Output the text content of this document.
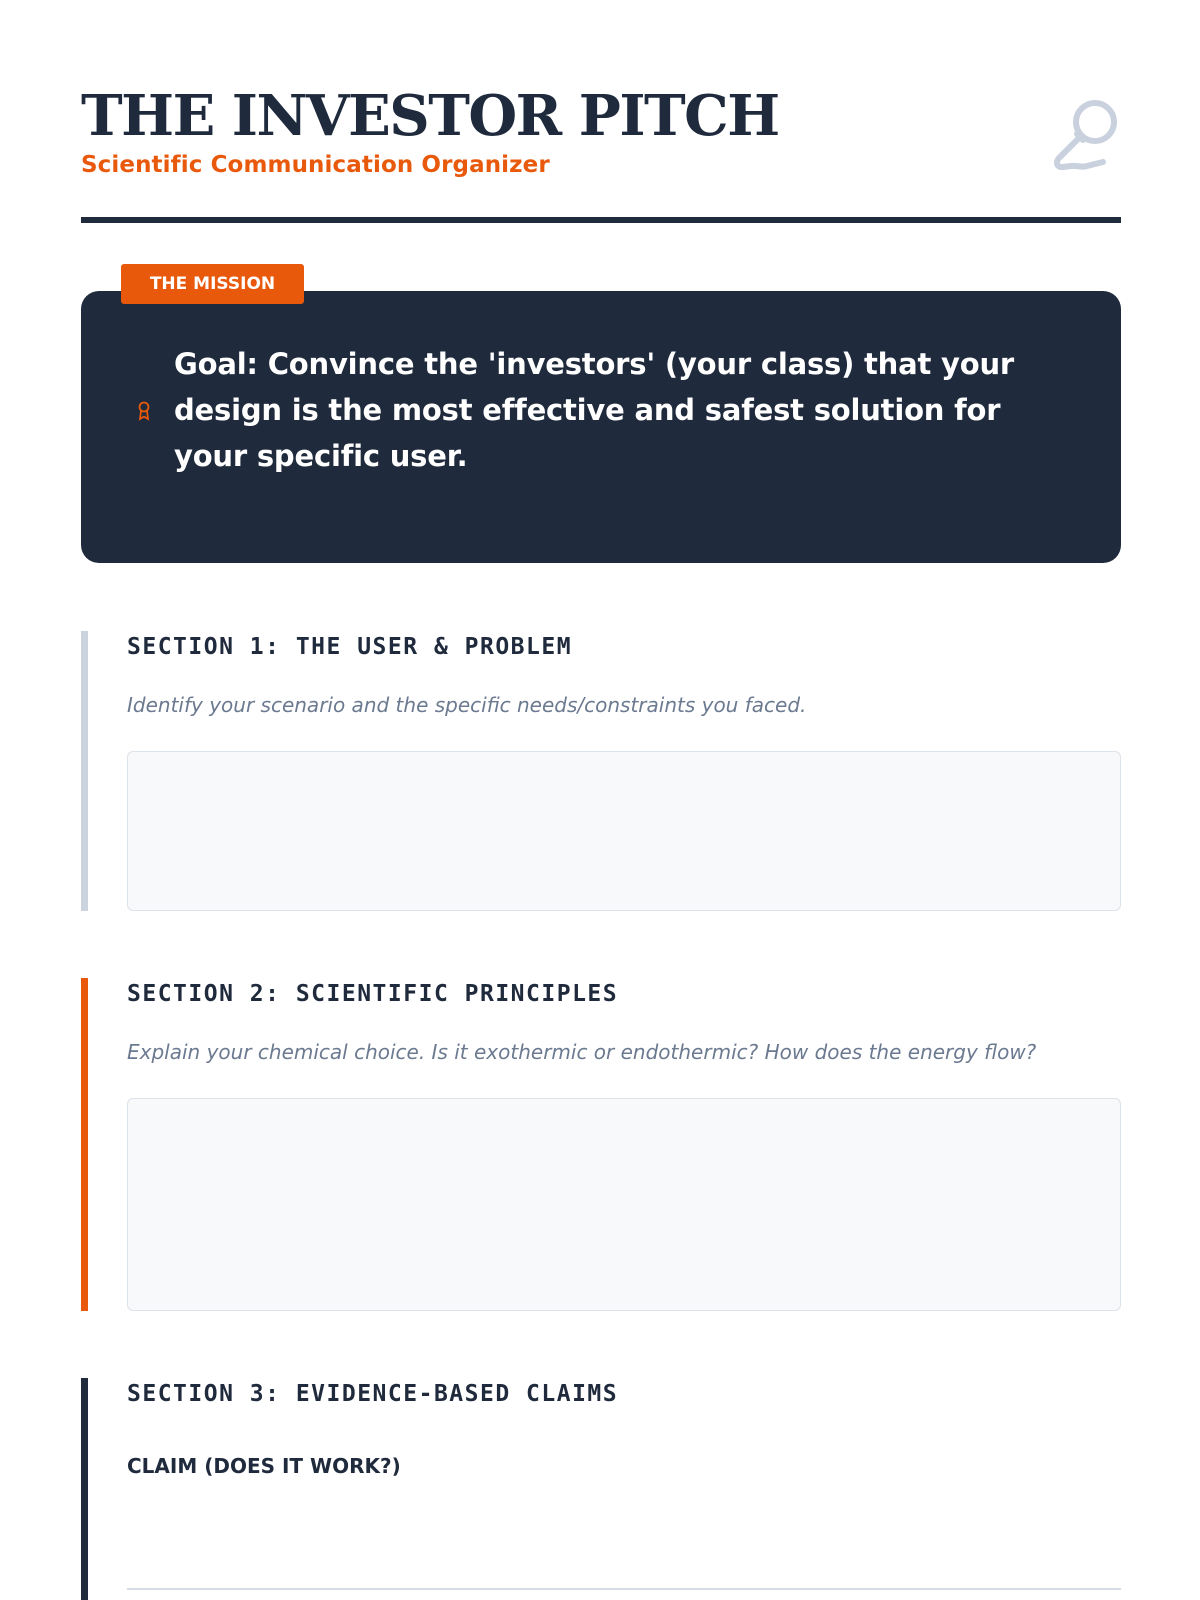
THE INVESTOR PITCH
Scientific Communication Organizer
THE MISSION
Goal: Convince the 'investors' (your class) that your design is the most effective and safest solution for your specific user.
SECTION 1: THE USER & PROBLEM
Identify your scenario and the specific needs/constraints you faced.
SECTION 2: SCIENTIFIC PRINCIPLES
Explain your chemical choice. Is it exothermic or endothermic? How does the energy flow?
SECTION 3: EVIDENCE-BASED CLAIMS
CLAIM (DOES IT WORK?)
